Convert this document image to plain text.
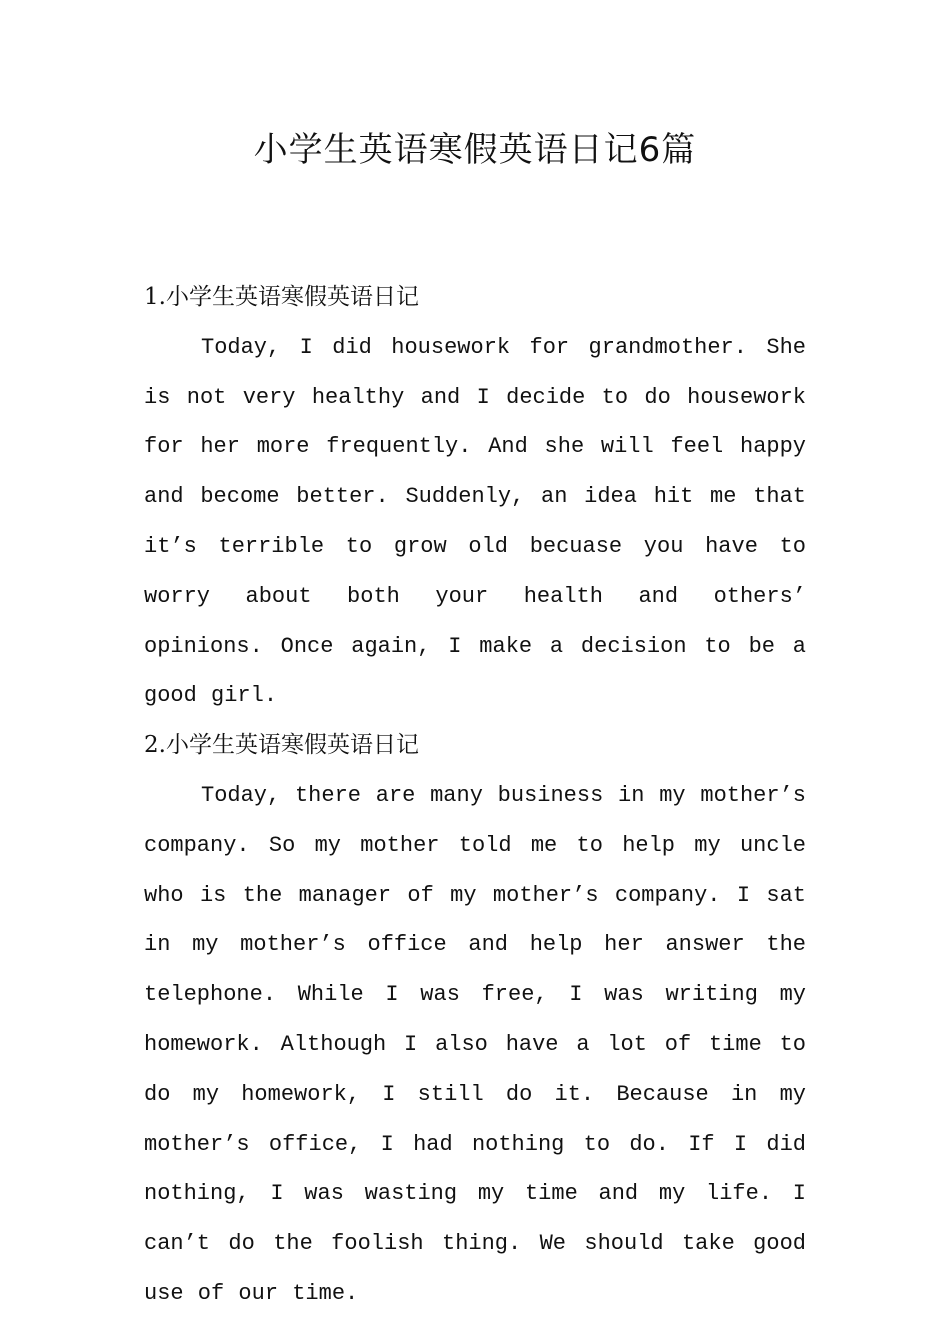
小学生英语寒假英语日记6篇
1.小学生英语寒假英语日记

Today, I did housework for grandmother. She is not very healthy and I decide to do housework for her more frequently. And she will feel happy and become better. Suddenly, an idea hit me that it’s terrible to grow old becuase you have to worry about both your health and others’ opinions. Once again, I make a decision to be a good girl.

2.小学生英语寒假英语日记

Today, there are many business in my mother’s company. So my mother told me to help my uncle who is the manager of my mother’s company. I sat in my mother’s office and help her answer the telephone. While I was free, I was writing my homework. Although I also have a lot of time to do my homework, I still do it. Because in my mother’s office, I had nothing to do. If I did nothing, I was wasting my time and my life. I can’t do the foolish thing. We should take good use of our time.
